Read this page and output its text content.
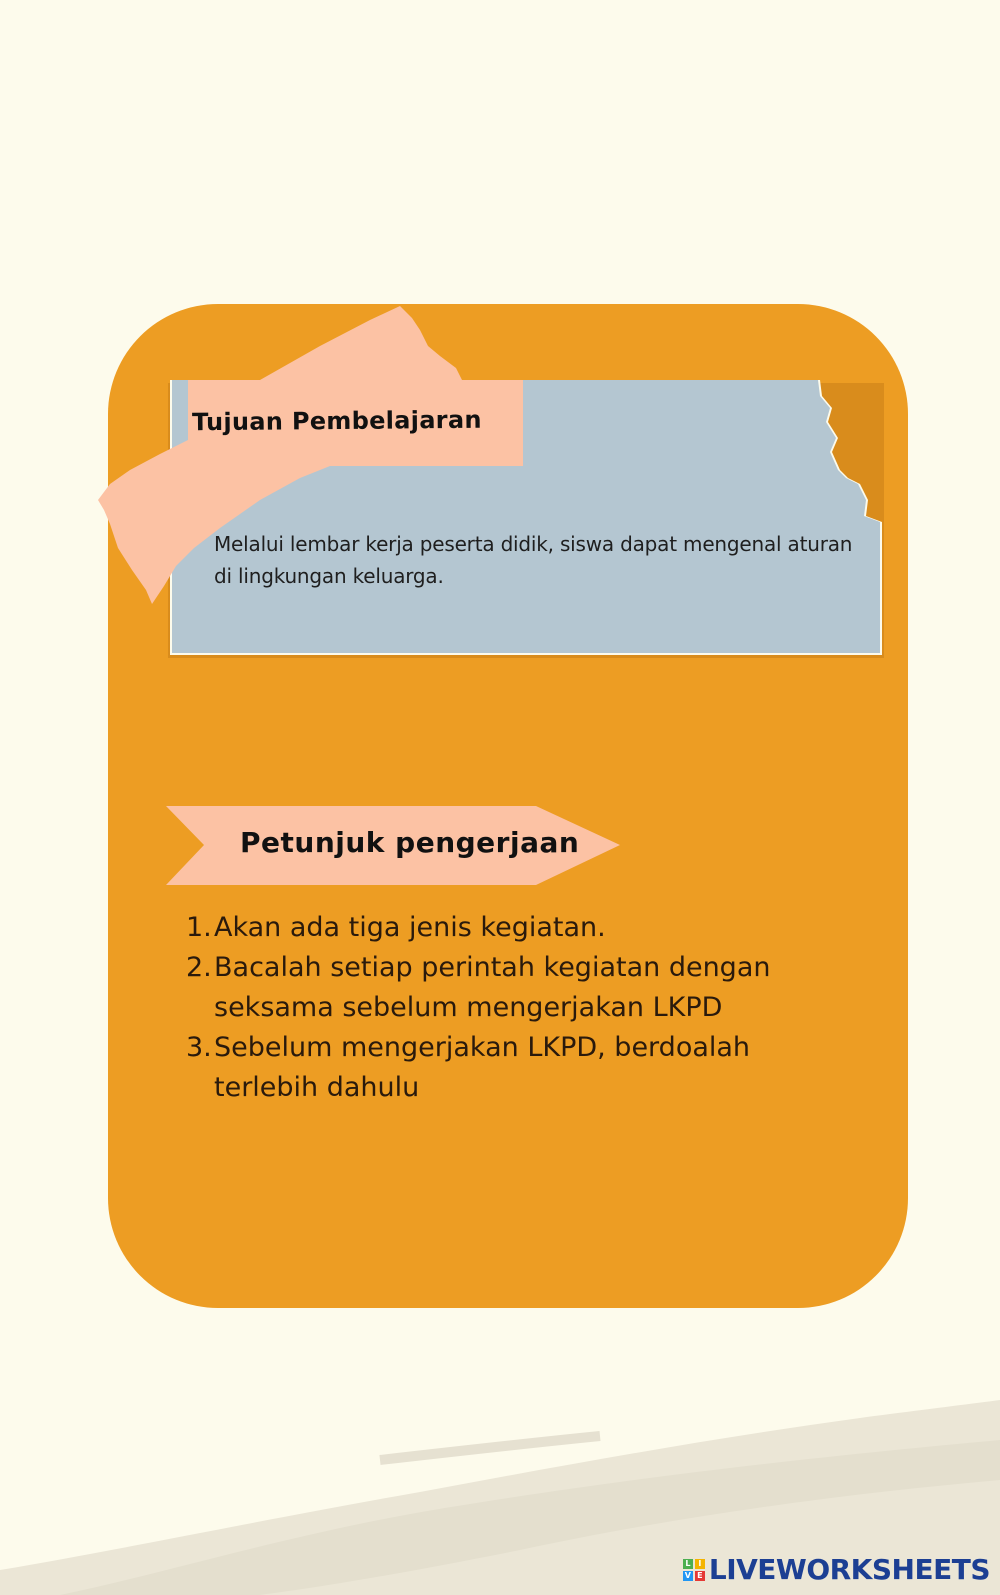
Tujuan Pembelajaran

Melalui lembar kerja peserta didik, siswa dapat mengenal aturan di lingkungan keluarga.

Petunjuk pengerjaan
1. Akan ada tiga jenis kegiatan.
2. Bacalah setiap perintah kegiatan dengan seksama sebelum mengerjakan LKPD
3. Sebelum mengerjakan LKPD, berdoalah terlebih dahulu
L I
V E LIVEWORKSHEETS
